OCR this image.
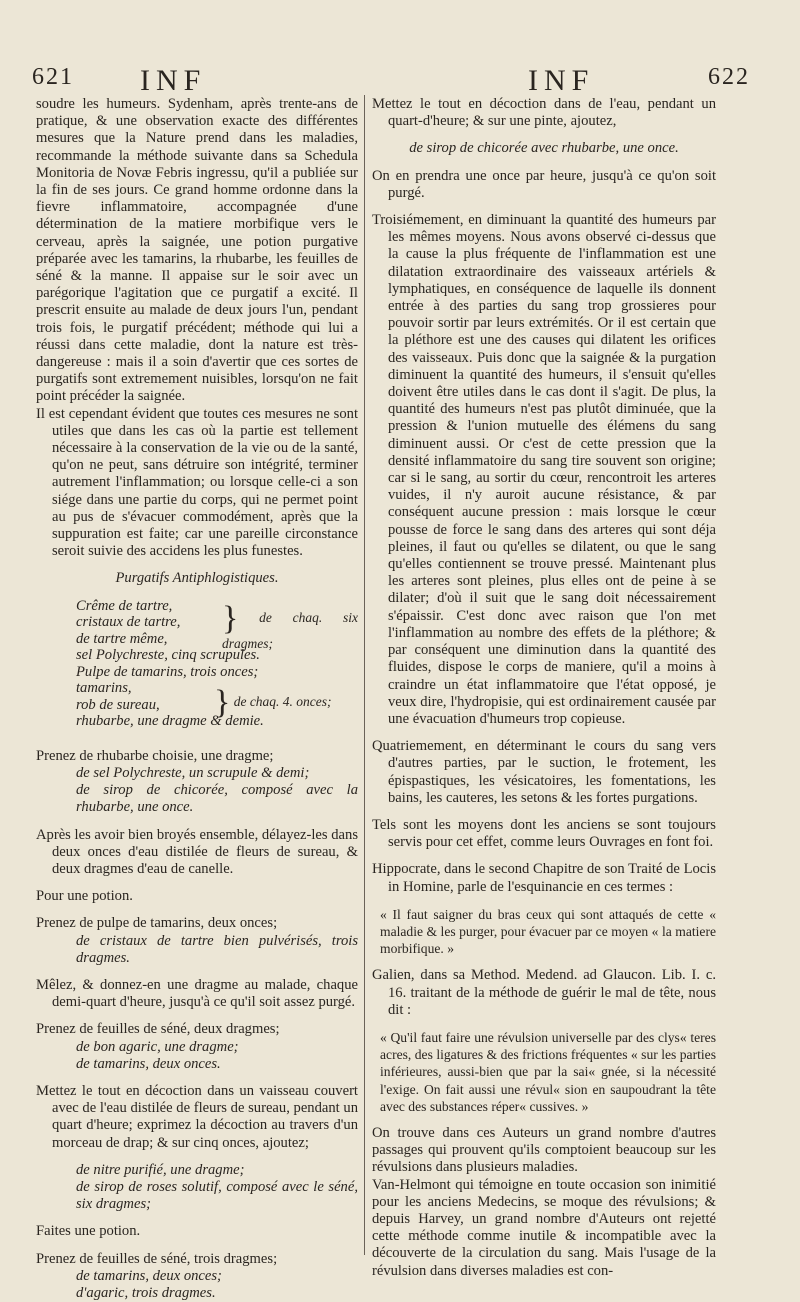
621 INF	INF	622

soudre les humeurs. Sydenham, après trente-ans de pratique, & une observation exacte des différentes mesures que la Nature prend dans les maladies, recommande la méthode suivante dans sa Schedula Monitoria de Novæ Febris ingressu, qu'il a publiée sur la fin de ses jours. Ce grand homme ordonne dans la fievre inflammatoire, accompagnée d'une détermination de la matiere morbifique vers le cerveau, après la saignée, une potion purgative préparée avec les tamarins, la rhubarbe, les feuilles de séné & la manne. Il appaise sur le soir avec un parégorique l'agitation que ce purgatif a excité. Il prescrit ensuite au malade de deux jours l'un, pendant trois fois, le purgatif précédent; méthode qui lui a réussi dans cette maladie, dont la nature est très-dangereuse : mais il a soin d'avertir que ces sortes de purgatifs sont extremement nuisibles, lorsqu'on ne fait point précéder la saignée.

Il est cependant évident que toutes ces mesures ne sont utiles que dans les cas où la partie est tellement nécessaire à la conservation de la vie ou de la santé, qu'on ne peut, sans détruire son intégrité, terminer autrement l'inflammation; ou lorsque celle-ci a son siége dans une partie du corps, qui ne permet point au pus de s'évacuer commodément, après que la suppuration est faite; car une pareille circonstance seroit suivie des accidens les plus funestes.

Purgatifs Antiphlogistiques.

Crême de tartre,
cristaux de tartre,
de tartre même,
sel Polychreste, cinq scrupules.
Pulpe de tamarins, trois onces;
tamarins,
rob de sureau,
rhubarbe, une dragme & demie.
} de chaq. six dragmes;
} de chaq. 4. onces;

Prenez de rhubarbe choisie, une dragme;

de sel Polychreste, un scrupule & demi;

de sirop de chicorée, composé avec la rhubarbe, une once.

Après les avoir bien broyés ensemble, délayez-les dans deux onces d'eau distilée de fleurs de sureau, & deux dragmes d'eau de canelle.

Pour une potion.

Prenez de pulpe de tamarins, deux onces;

de cristaux de tartre bien pulvérisés, trois dragmes.

Mêlez, & donnez-en une dragme au malade, chaque demi-quart d'heure, jusqu'à ce qu'il soit assez purgé.

Prenez de feuilles de séné, deux dragmes;

de bon agaric, une dragme;

de tamarins, deux onces.

Mettez le tout en décoction dans un vaisseau couvert avec de l'eau distilée de fleurs de sureau, pendant un quart d'heure; exprimez la décoction au travers d'un morceau de drap; & sur cinq onces, ajoutez;

de nitre purifié, une dragme;

de sirop de roses solutif, composé avec le séné, six dragmes;

Faites une potion.

Prenez de feuilles de séné, trois dragmes;

de tamarins, deux onces;

d'agaric, trois dragmes.

Mettez le tout en décoction dans de l'eau, pendant un quart-d'heure; & sur une pinte, ajoutez,

de sirop de chicorée avec rhubarbe, une once.

On en prendra une once par heure, jusqu'à ce qu'on soit purgé.

Troisiémement, en diminuant la quantité des humeurs par les mêmes moyens. Nous avons observé ci-dessus que la cause la plus fréquente de l'inflammation est une dilatation extraordinaire des vaisseaux artériels & lymphatiques, en conséquence de laquelle ils donnent entrée à des parties du sang trop grossieres pour pouvoir sortir par leurs extrémités. Or il est certain que la pléthore est une des causes qui dilatent les orifices des vaisseaux. Puis donc que la saignée & la purgation diminuent la quantité des humeurs, il s'ensuit qu'elles doivent être utiles dans le cas dont il s'agit. De plus, la quantité des humeurs n'est pas plutôt diminuée, que la pression & l'union mutuelle des élémens du sang diminuent aussi. Or c'est de cette pression que la densité inflammatoire du sang tire souvent son origine; car si le sang, au sortir du cœur, rencontroit les arteres vuides, il n'y auroit aucune résistance, & par conséquent aucune pression : mais lorsque le cœur pousse de force le sang dans des arteres qui sont déja pleines, il faut ou qu'elles se dilatent, ou que le sang qu'elles contiennent se trouve pressé. Maintenant plus les arteres sont pleines, plus elles ont de peine à se dilater; d'où il suit que le sang doit nécessairement s'épaissir. C'est donc avec raison que l'on met l'inflammation au nombre des effets de la pléthore; & par conséquent une diminution dans la quantité des fluides, dispose le corps de maniere, qu'il a moins à craindre un état inflammatoire que l'état opposé, je veux dire, l'hydropisie, qui est ordinairement causée par une évacuation d'humeurs trop copieuse.

Quatriemement, en déterminant le cours du sang vers d'autres parties, par le suction, le frotement, les épispastiques, les vésicatoires, les fomentations, les bains, les cauteres, les setons & les fortes purgations.

Tels sont les moyens dont les anciens se sont toujours servis pour cet effet, comme leurs Ouvrages en font foi.

Hippocrate, dans le second Chapitre de son Traité de Locis in Homine, parle de l'esquinancie en ces termes :

« Il faut saigner du bras ceux qui sont attaqués de cette « maladie & les purger, pour évacuer par ce moyen « la matiere morbifique. »

Galien, dans sa Method. Medend. ad Glaucon. Lib. I. c. 16. traitant de la méthode de guérir le mal de tête, nous dit :

« Qu'il faut faire une révulsion universelle par des clys« teres acres, des ligatures & des frictions fréquentes « sur les parties inférieures, aussi-bien que par la sai« gnée, si la nécessité l'exige. On fait aussi une révul« sion en saupoudrant la tête avec des substances réper« cussives. »

On trouve dans ces Auteurs un grand nombre d'autres passages qui prouvent qu'ils comptoient beaucoup sur les révulsions dans plusieurs maladies.

Van-Helmont qui témoigne en toute occasion son inimitié pour les anciens Medecins, se moque des révulsions; & depuis Harvey, un grand nombre d'Auteurs ont rejetté cette méthode comme inutile & incompatible avec la découverte de la circulation du sang. Mais l'usage de la révulsion dans diverses maladies est con-
